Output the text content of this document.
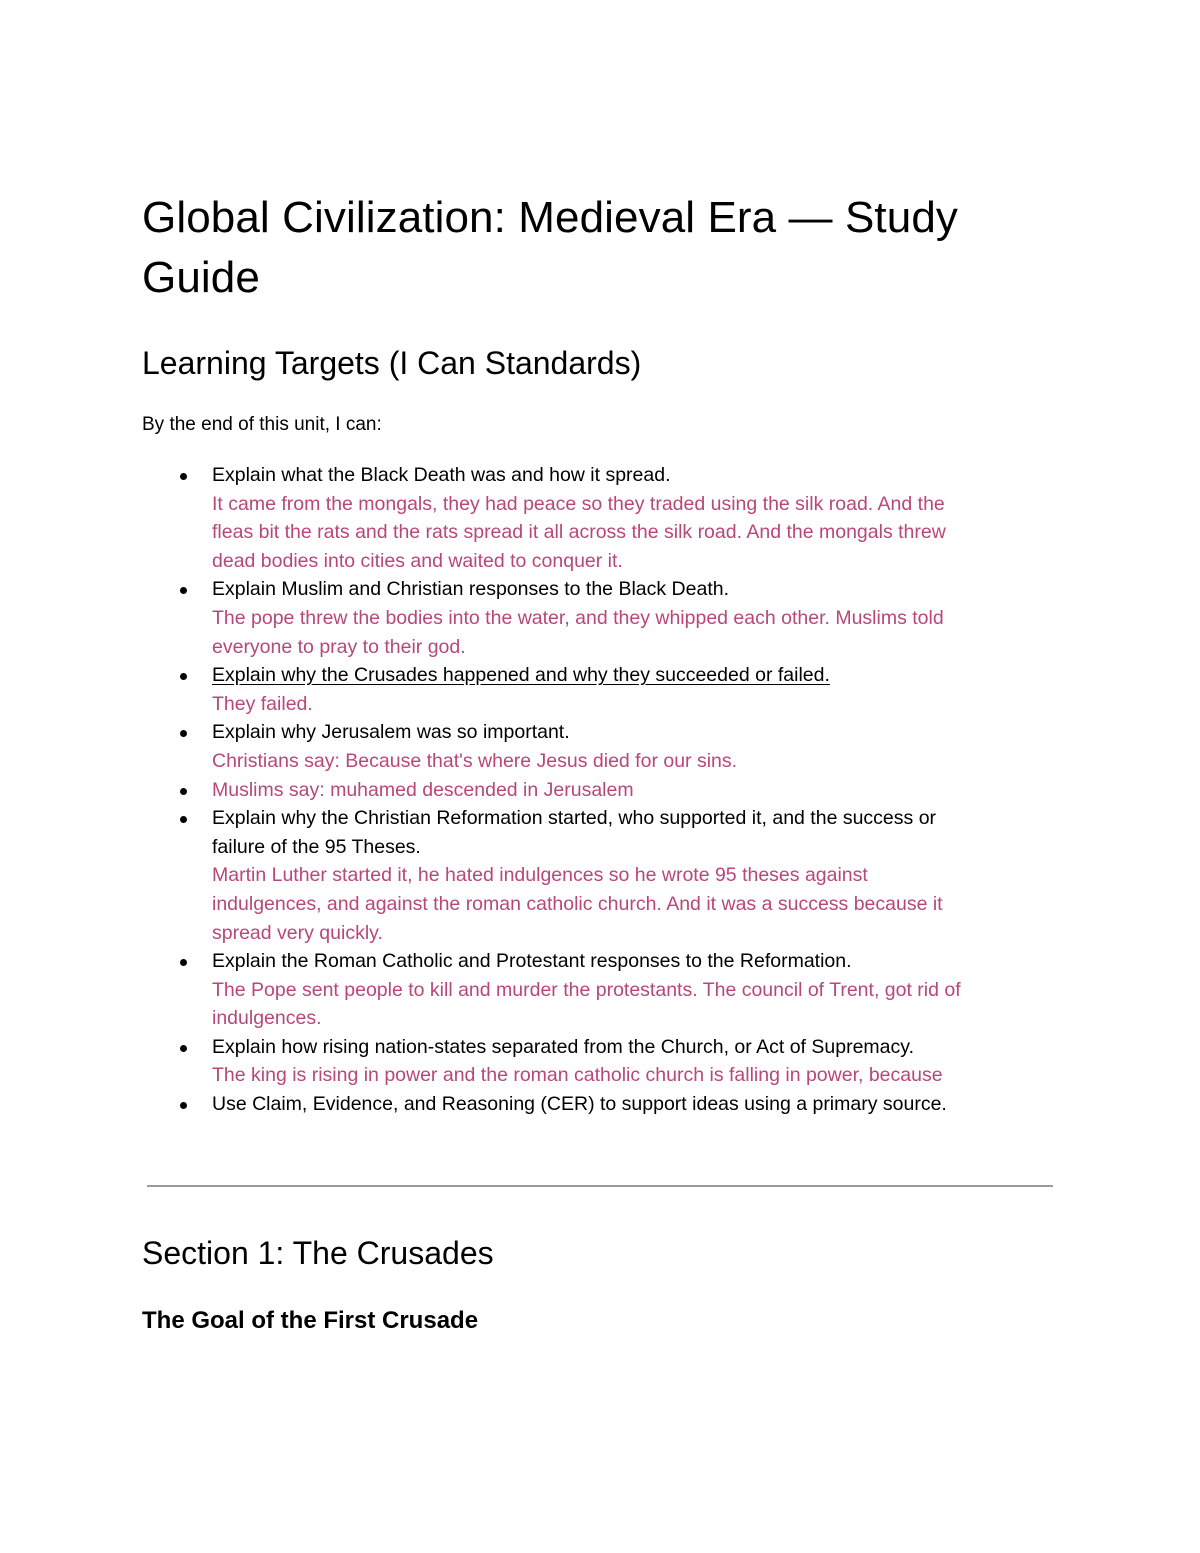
Global Civilization: Medieval Era — Study Guide
Learning Targets (I Can Standards)

By the end of this unit, I can:

Explain what the Black Death was and how it spread.
It came from the mongals, they had peace so they traded using the silk road. And the
fleas bit the rats and the rats spread it all across the silk road. And the mongals threw
dead bodies into cities and waited to conquer it.
Explain Muslim and Christian responses to the Black Death.
The pope threw the bodies into the water, and they whipped each other. Muslims told
everyone to pray to their god.
Explain why the Crusades happened and why they succeeded or failed.
They failed.
Explain why Jerusalem was so important.
Christians say: Because that's where Jesus died for our sins.
Muslims say: muhamed descended in Jerusalem
Explain why the Christian Reformation started, who supported it, and the success or
failure of the 95 Theses.
Martin Luther started it, he hated indulgences so he wrote 95 theses against
indulgences, and against the roman catholic church. And it was a success because it
spread very quickly.
Explain the Roman Catholic and Protestant responses to the Reformation.
The Pope sent people to kill and murder the protestants. The council of Trent, got rid of
indulgences.
Explain how rising nation-states separated from the Church, or Act of Supremacy.
The king is rising in power and the roman catholic church is falling in power, because
Use Claim, Evidence, and Reasoning (CER) to support ideas using a primary source.
Section 1: The Crusades
The Goal of the First Crusade
